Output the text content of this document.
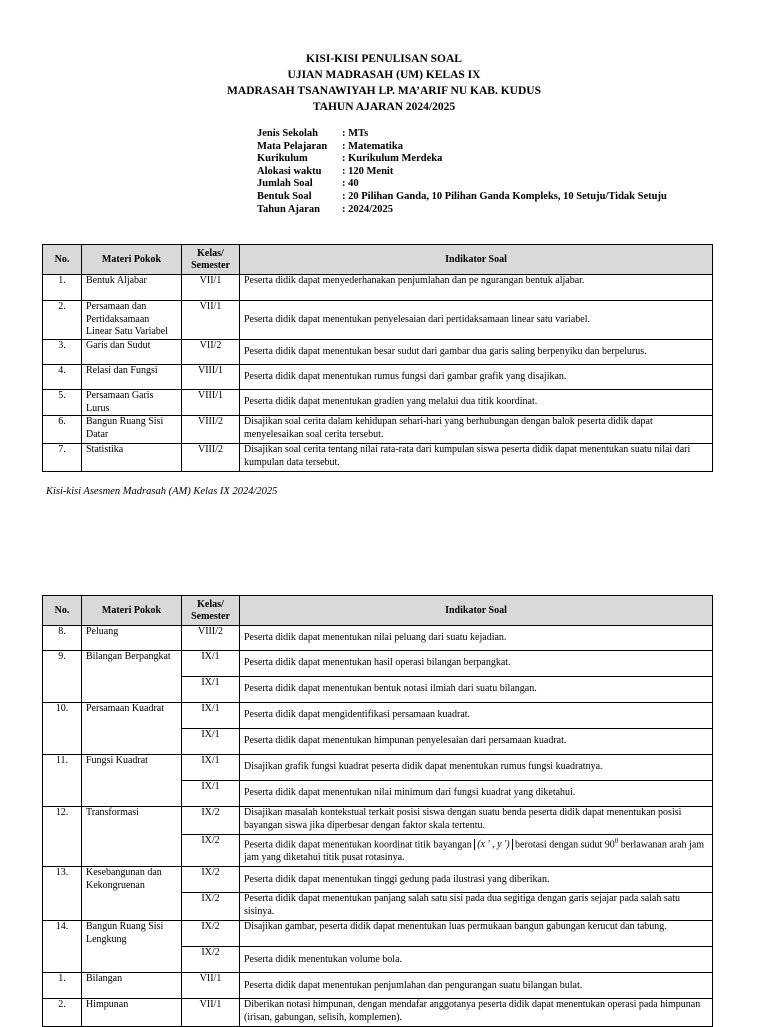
KISI-KISI PENULISAN SOAL
UJIAN MADRASAH (UM) KELAS IX
MADRASAH TSANAWIYAH LP. MA’ARIF NU KAB. KUDUS
TAHUN AJARAN 2024/2025
Jenis Sekolah	: MTs
Mata Pelajaran	: Matematika
Kurikulum	: Kurikulum Merdeka
Alokasi waktu	: 120 Menit
Jumlah Soal	: 40
Bentuk Soal	: 20 Pilihan Ganda, 10 Pilihan Ganda Kompleks, 10 Setuju/Tidak Setuju
Tahun Ajaran	: 2024/2025
No.	Materi Pokok	Kelas/ Semester	Indikator Soal
1.	Bentuk Aljabar	VII/1	Peserta didik dapat menyederhanakan penjumlahan dan pe ngurangan bentuk aljabar.
2.	Persamaan dan Pertidaksamaan Linear Satu Variabel	VII/1	Peserta didik dapat menentukan penyelesaian dari pertidaksamaan linear satu variabel.
3.	Garis dan Sudut	VII/2	Peserta didik dapat menentukan besar sudut dari gambar dua garis saling berpenyiku dan berpelurus.
4.	Relasi dan Fungsi	VIII/1	Peserta didik dapat menentukan rumus fungsi dari gambar grafik yang disajikan.
5.	Persamaan Garis Lurus	VIII/1	Peserta didik dapat menentukan gradien yang melalui dua titik koordinat.
6.	Bangun Ruang Sisi Datar	VIII/2	Disajikan soal cerita dalam kehidupan sehari-hari yang berhubungan dengan balok peserta didik dapat menyelesaikan soal cerita tersebut.
7.	Statistika	VIII/2	Disajikan soal cerita tentang nilai rata-rata dari kumpulan siswa peserta didik dapat menentukan suatu nilai dari kumpulan data tersebut.
Kisi-kisi Asesmen Madrasah (AM) Kelas IX 2024/2025
No.	Materi Pokok	Kelas/ Semester	Indikator Soal
8.	Peluang	VIII/2	Peserta didik dapat menentukan nilai peluang dari suatu kejadian.
9.	Bilangan Berpangkat	IX/1	Peserta didik dapat menentukan hasil operasi bilangan berpangkat.
		IX/1	Peserta didik dapat menentukan bentuk notasi ilmiah dari suatu bilangan.
10.	Persamaan Kuadrat	IX/1	Peserta didik dapat mengidentifikasi persamaan kuadrat.
		IX/1	Peserta didik dapat menentukan himpunan penyelesaian dari persamaan kuadrat.
11.	Fungsi Kuadrat	IX/1	Disajikan grafik fungsi kuadrat peserta didik dapat menentukan rumus fungsi kuadratnya.
		IX/1	Peserta didik dapat menentukan nilai minimum dari fungsi kuadrat yang diketahui.
12.	Transformasi	IX/2	Disajikan masalah kontekstual terkait posisi siswa dengan suatu benda peserta didik dapat menentukan posisi bayangan siswa jika diperbesar dengan faktor skala tertentu.
		IX/2	Peserta didik dapat menentukan koordinat titik bayangan (x ' , y ') berotasi dengan sudut $90^0$ berlawanan arah jam jam yang diketahui titik pusat rotasinya.
13.	Kesebangunan dan Kekongruenan	IX/2	Peserta didik dapat menentukan tinggi gedung pada ilustrasi yang diberikan.
		IX/2	Peserta didik dapat menentukan panjang salah satu sisi pada dua segitiga dengan garis sejajar pada salah satu sisinya.
14.	Bangun Ruang Sisi Lengkung	IX/2	Disajikan gambar, peserta didik dapat menentukan luas permukaan bangun gabungan kerucut dan tabung.
		IX/2	Peserta didik menentukan volume bola.
1.	Bilangan	VII/1	Peserta didik dapat menentukan penjumlahan dan pengurangan suatu bilangan bulat.
2.	Himpunan	VII/1	Diberikan notasi himpunan, dengan mendafar anggotanya peserta didik dapat menentukan operasi pada himpunan (irisan, gabungan, selisih, komplemen).
